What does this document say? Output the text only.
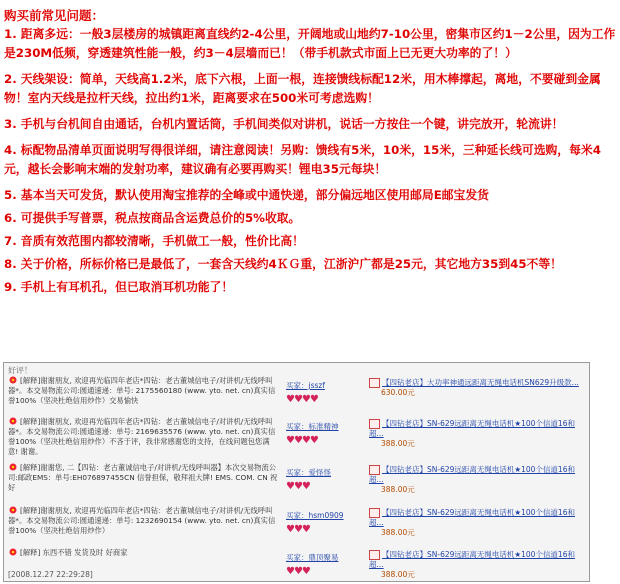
购买前常见问题：
1. 距离多远：一般3层楼房的城镇距离直线约2-4公里，开阔地或山地约7-10公里，密集市区约1－2公里，因为工作是230M低频，穿透建筑性能一般，约3－4层墙而已！（带手机款式市面上已无更大功率的了！）
2. 天线架设：简单，天线高1.2米，底下六根，上面一根，连接馈线标配12米，用木棒撑起，离地，不要碰到金属物！室内天线是拉杆天线，拉出约1米，距离要求在500米可考虑选购！
3. 手机与台机间自由通话，台机内置话筒，手机间类似对讲机，说话一方按住一个键，讲完放开，轮流讲！
4. 标配物品清单页面说明写得很详细，请注意阅读！另购：馈线有5米，10米，15米，三种延长线可选购，每米4元，越长会影响末端的发射功率，建议确有必要再购买！锂电35元每块！
5. 基本当天可发货，默认使用淘宝推荐的全峰或中通快递，部分偏远地区使用邮局E邮宝发货
6. 可提供手写普票，税点按商品含运费总价的5%收取。
7. 音质有效范围内都较清晰，手机做工一般，性价比高！
8. 关于价格，所标价格已是最低了，一套含天线约4ＫＧ重，江浙沪广都是25元，其它地方35到45不等！
9. 手机上有耳机孔，但已取消耳机功能了！
好评！
[解释]谢谢朋友, 欢迎再光临四年老店*四钻：老古董城信电子/对讲机/无线呼叫器*。本交易物流公司:圆通速递：单号: 2175560180 (www. yto. net. cn)真实信誉100%（坚决杜绝信用炒作）交易愉快
买家：jsszf
♥♥♥♥
【四钻老店】大功率神通远距离无绳电话机SN629升级款...
630.00元
[解释]谢谢朋友, 欢迎再光临四年老店*四钻：老古董城信电子/对讲机/无线呼叫器*。本交易物流公司:圆通速递：单号: 2169635576 (www. yto. net. cn)真实信誉100%（坚决杜绝信用炒作）不吝于评，我非常感谢您的支持，在线问题包您满意! 谢谢。
买家：标准精神
♥♥♥♥
【四钻老店】SN-629远距离无绳电话机★100个信道16和超...
388.00元
[解释]谢谢您, 二【四钻：老古董诚信电子/对讲机/无线呼叫器】本次交易物流公司:邮政EMS：单号:EH076897455CN 信誉担保，敬拜祖大牌! EMS. COM. CN 祝好
买家：爱怪怪
♥♥♥
【四钻老店】SN-629远距离无绳电话机★100个信道16和超...
388.00元
[解释]谢谢朋友, 欢迎再光临四年老店*四钻：老古董城信电子/对讲机/无线呼叫器*。本交易物流公司:圆通速递：单号: 1232690154 (www. yto. net. cn)真实信誉100%（坚决杜绝信用炒作）
买家：hsm0909
♥♥♥
【四钻老店】SN-629远距离无绳电话机★100个信道16和超...
388.00元
[解释] 东西不错 发货及时 好商家
买家：鼎顶聚易
♥♥♥
【四钻老店】SN-629远距离无绳电话机★100个信道16和超...
388.00元
[2008.12.27 22:29:28]
